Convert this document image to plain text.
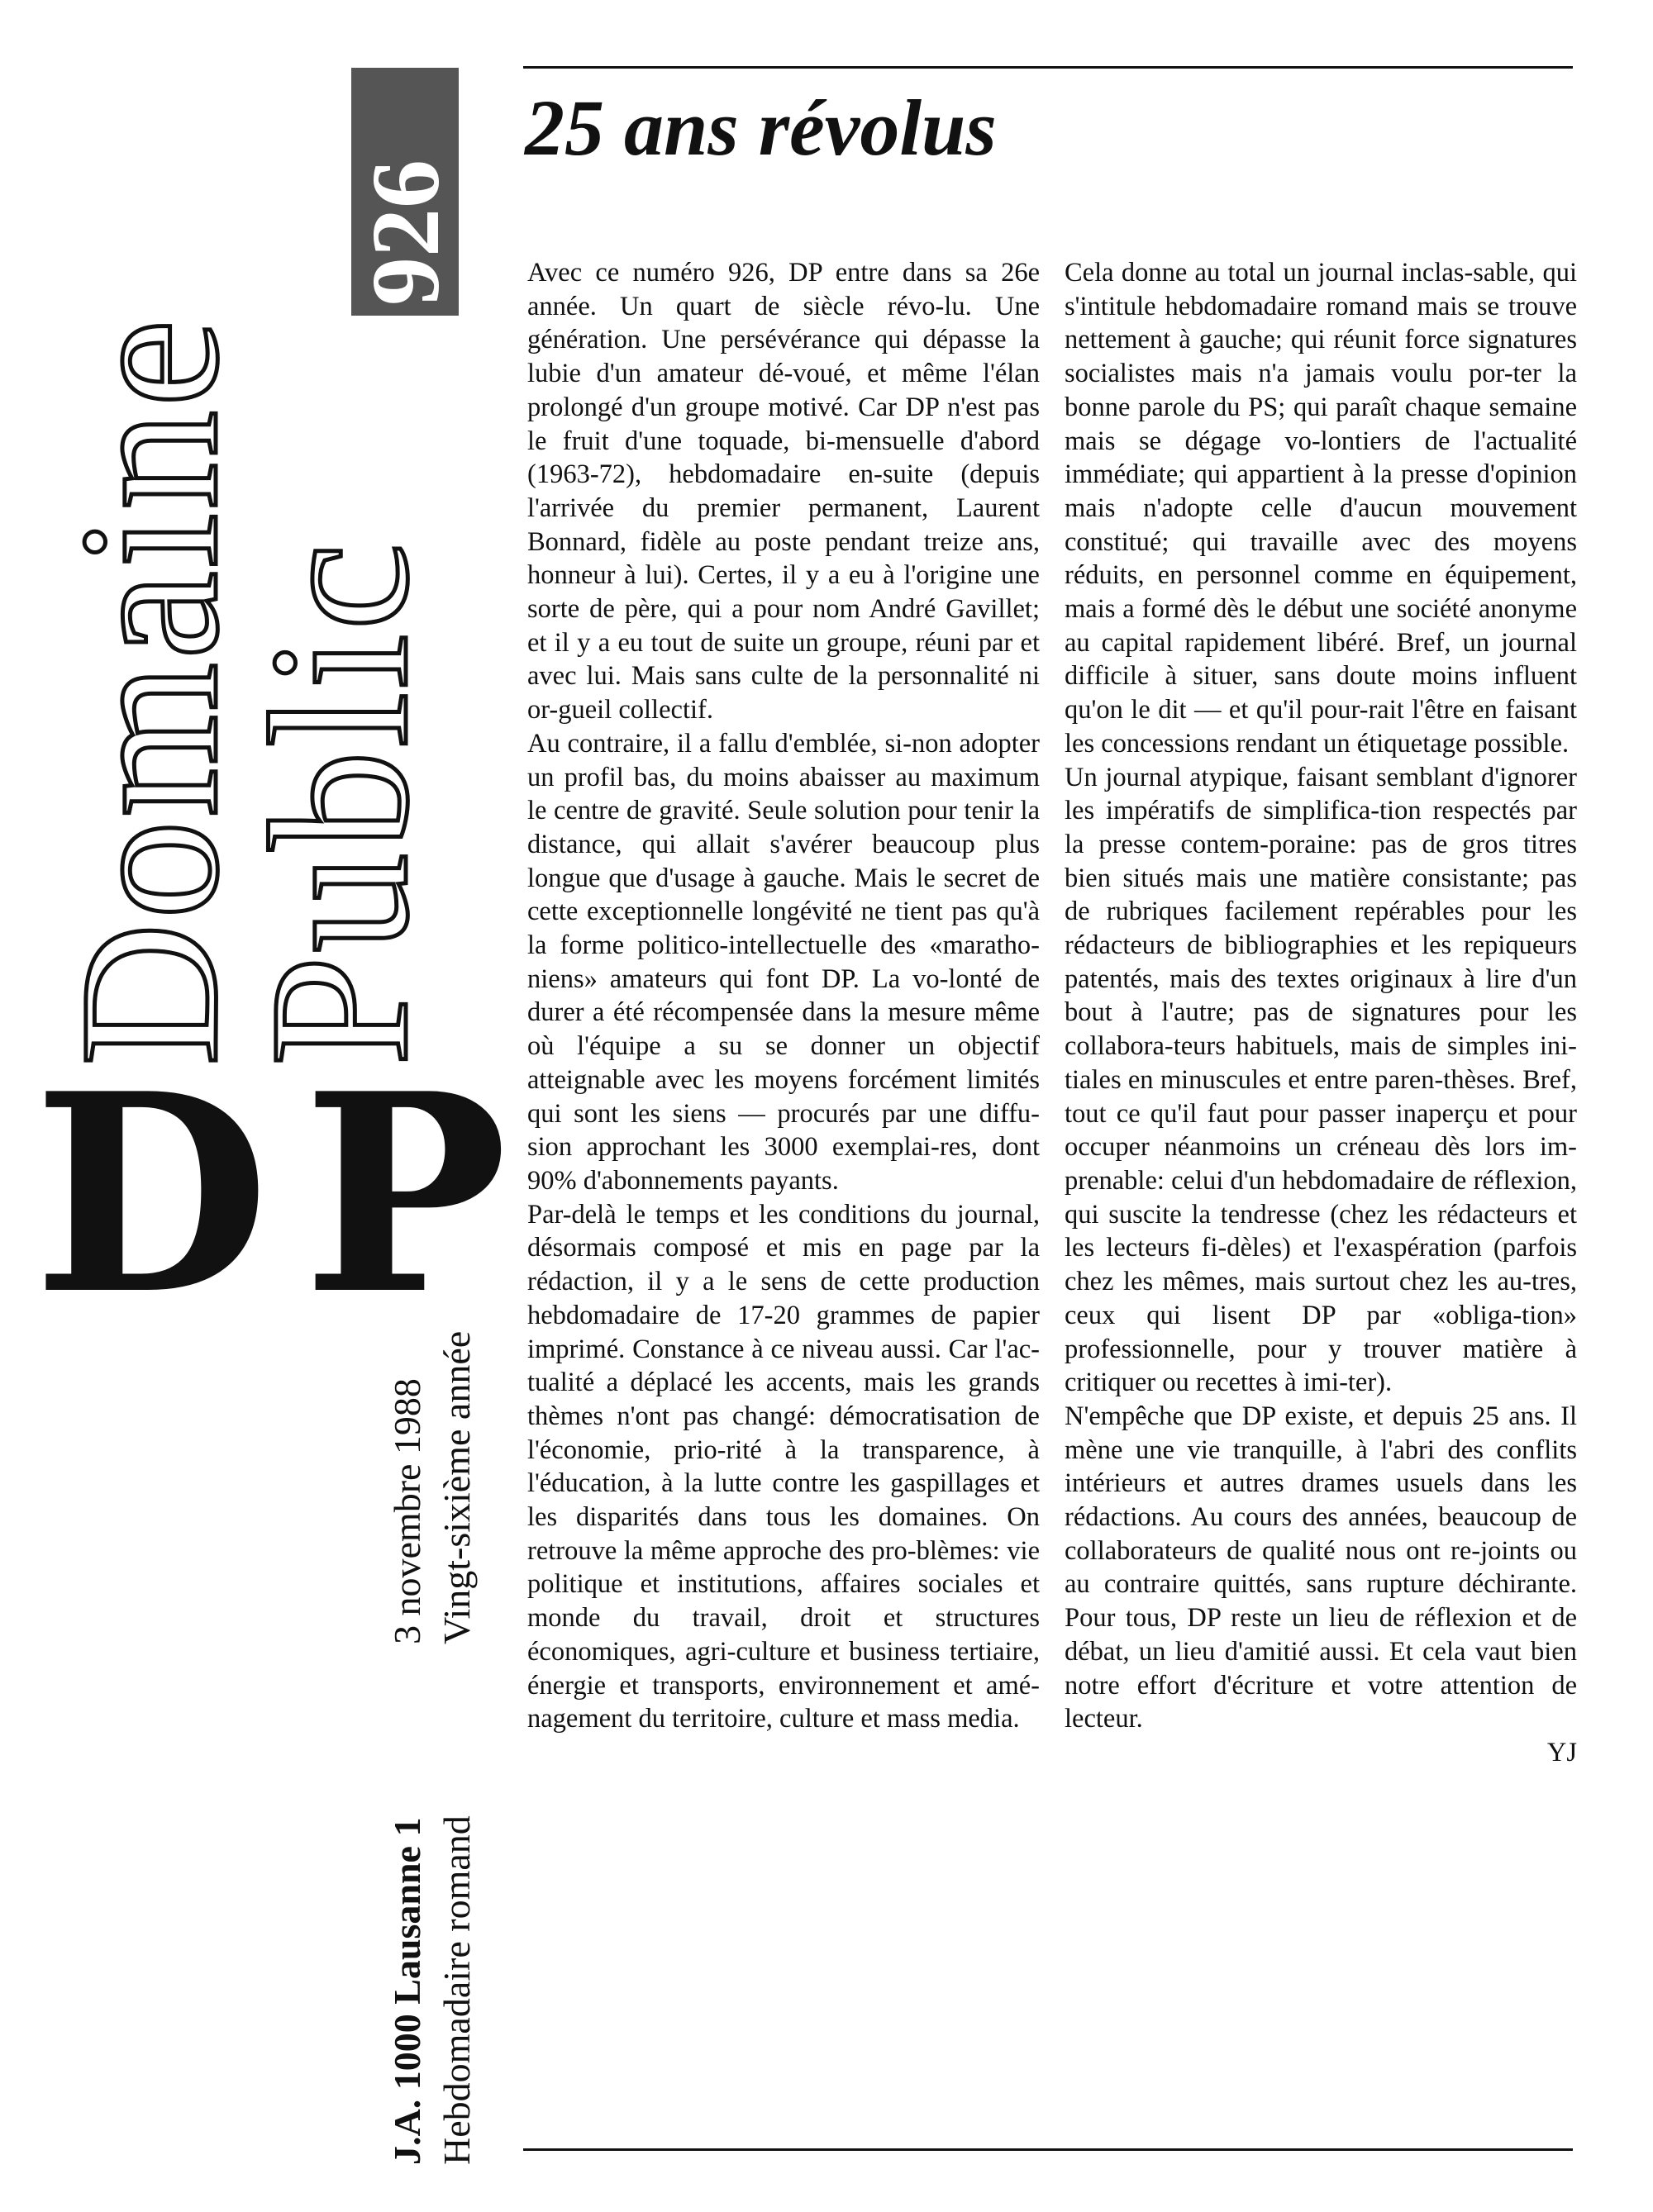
Domaine
Public
926
DP
J.A. 1000 Lausanne 1 Hebdomadaire romand
3 novembre 1988 Vingt-sixième année
25 ans révolus

Avec ce numéro 926, DP entre dans sa 26e année. Un quart de siècle révo-lu. Une génération. Une persévérance qui dépasse la lubie d'un amateur dé-voué, et même l'élan prolongé d'un groupe motivé. Car DP n'est pas le fruit d'une toquade, bi-mensuelle d'abord (1963-72), hebdomadaire en-suite (depuis l'arrivée du premier permanent, Laurent Bonnard, fidèle au poste pendant treize ans, honneur à lui). Certes, il y a eu à l'origine une sorte de père, qui a pour nom André Gavillet; et il y a eu tout de suite un groupe, réuni par et avec lui. Mais sans culte de la personnalité ni or-gueil collectif.

Au contraire, il a fallu d'emblée, si-non adopter un profil bas, du moins abaisser au maximum le centre de gravité. Seule solution pour tenir la distance, qui allait s'avérer beaucoup plus longue que d'usage à gauche. Mais le secret de cette exceptionnelle longévité ne tient pas qu'à la forme politico-intellectuelle des «maratho-niens» amateurs qui font DP. La vo-lonté de durer a été récompensée dans la mesure même où l'équipe a su se donner un objectif atteignable avec les moyens forcément limités qui sont les siens — procurés par une diffu-sion approchant les 3000 exemplai-res, dont 90% d'abonnements payants.

Par-delà le temps et les conditions du journal, désormais composé et mis en page par la rédaction, il y a le sens de cette production hebdomadaire de 17-20 grammes de papier imprimé. Constance à ce niveau aussi. Car l'ac-tualité a déplacé les accents, mais les grands thèmes n'ont pas changé: démocratisation de l'économie, prio-rité à la transparence, à l'éducation, à la lutte contre les gaspillages et les disparités dans tous les domaines. On retrouve la même approche des pro-blèmes: vie politique et institutions, affaires sociales et monde du travail, droit et structures économiques, agri-culture et business tertiaire, énergie et transports, environnement et amé-nagement du territoire, culture et mass media.

Cela donne au total un journal inclas-sable, qui s'intitule hebdomadaire romand mais se trouve nettement à gauche; qui réunit force signatures socialistes mais n'a jamais voulu por-ter la bonne parole du PS; qui paraît chaque semaine mais se dégage vo-lontiers de l'actualité immédiate; qui appartient à la presse d'opinion mais n'adopte celle d'aucun mouvement constitué; qui travaille avec des moyens réduits, en personnel comme en équipement, mais a formé dès le début une société anonyme au capital rapidement libéré. Bref, un journal difficile à situer, sans doute moins influent qu'on le dit — et qu'il pour-rait l'être en faisant les concessions rendant un étiquetage possible.

Un journal atypique, faisant semblant d'ignorer les impératifs de simplifica-tion respectés par la presse contem-poraine: pas de gros titres bien situés mais une matière consistante; pas de rubriques facilement repérables pour les rédacteurs de bibliographies et les repiqueurs patentés, mais des textes originaux à lire d'un bout à l'autre; pas de signatures pour les collabora-teurs habituels, mais de simples ini-tiales en minuscules et entre paren-thèses. Bref, tout ce qu'il faut pour passer inaperçu et pour occuper néanmoins un créneau dès lors im-prenable: celui d'un hebdomadaire de réflexion, qui suscite la tendresse (chez les rédacteurs et les lecteurs fi-dèles) et l'exaspération (parfois chez les mêmes, mais surtout chez les au-tres, ceux qui lisent DP par «obliga-tion» professionnelle, pour y trouver matière à critiquer ou recettes à imi-ter).

N'empêche que DP existe, et depuis 25 ans. Il mène une vie tranquille, à l'abri des conflits intérieurs et autres drames usuels dans les rédactions. Au cours des années, beaucoup de collaborateurs de qualité nous ont re-joints ou au contraire quittés, sans rupture déchirante. Pour tous, DP reste un lieu de réflexion et de débat, un lieu d'amitié aussi. Et cela vaut bien notre effort d'écriture et votre attention de lecteur.

YJ
